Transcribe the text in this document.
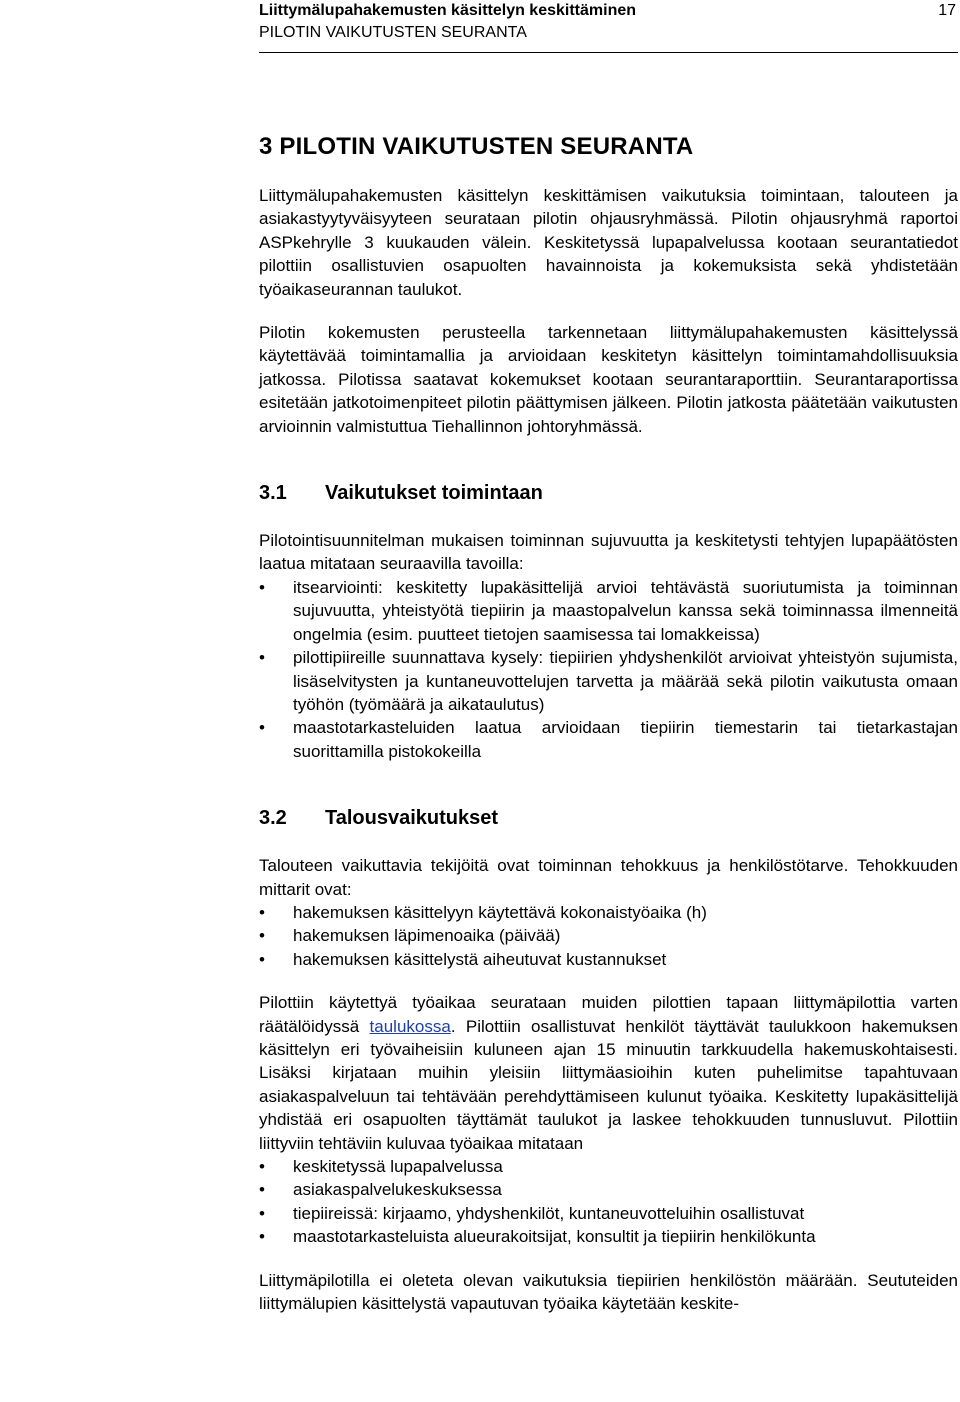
Liittymälupahakemusten käsittelyn keskittäminen
PILOTIN VAIKUTUSTEN SEURANTA
17
3 PILOTIN VAIKUTUSTEN SEURANTA

Liittymälupahakemusten käsittelyn keskittämisen vaikutuksia toimintaan, talouteen ja asiakastyytyväisyyteen seurataan pilotin ohjausryhmässä. Pilotin ohjausryhmä raportoi ASPkehrylle 3 kuukauden välein. Keskitetyssä lupapalvelussa kootaan seurantatiedot pilottiin osallistuvien osapuolten havainnoista ja kokemuksista sekä yhdistetään työaikaseurannan taulukot.

Pilotin kokemusten perusteella tarkennetaan liittymälupahakemusten käsittelyssä käytettävää toimintamallia ja arvioidaan keskitetyn käsittelyn toimintamahdollisuuksia jatkossa. Pilotissa saatavat kokemukset kootaan seurantaraporttiin. Seurantaraportissa esitetään jatkotoimenpiteet pilotin päättymisen jälkeen. Pilotin jatkosta päätetään vaikutusten arvioinnin valmistuttua Tiehallinnon johtoryhmässä.

3.1 Vaikutukset toimintaan

Pilotointisuunnitelman mukaisen toiminnan sujuvuutta ja keskitetysti tehtyjen lupapäätösten laatua mitataan seuraavilla tavoilla:

• itsearviointi: keskitetty lupakäsittelijä arvioi tehtävästä suoriutumista ja toiminnan sujuvuutta, yhteistyötä tiepiirin ja maastopalvelun kanssa sekä toiminnassa ilmenneitä ongelmia (esim. puutteet tietojen saamisessa tai lomakkeissa)
• pilottipiireille suunnattava kysely: tiepiirien yhdyshenkilöt arvioivat yhteistyön sujumista, lisäselvitysten ja kuntaneuvottelujen tarvetta ja määrää sekä pilotin vaikutusta omaan työhön (työmäärä ja aikataulutus)
• maastotarkasteluiden laatua arvioidaan tiepiirin tiemestarin tai tietarkastajan suorittamilla pistokokeilla
3.2 Talousvaikutukset

Talouteen vaikuttavia tekijöitä ovat toiminnan tehokkuus ja henkilöstötarve. Tehokkuuden mittarit ovat:

• hakemuksen käsittelyyn käytettävä kokonaistyöaika (h)
• hakemuksen läpimenoaika (päivää)
• hakemuksen käsittelystä aiheutuvat kustannukset

Pilottiin käytettyä työaikaa seurataan muiden pilottien tapaan liittymäpilottia varten räätälöidyssä taulukossa. Pilottiin osallistuvat henkilöt täyttävät taulukkoon hakemuksen käsittelyn eri työvaiheisiin kuluneen ajan 15 minuutin tarkkuudella hakemuskohtaisesti. Lisäksi kirjataan muihin yleisiin liittymäasioihin kuten puhelimitse tapahtuvaan asiakaspalveluun tai tehtävään perehdyttämiseen kulunut työaika. Keskitetty lupakäsittelijä yhdistää eri osapuolten täyttämät taulukot ja laskee tehokkuuden tunnusluvut. Pilottiin liittyviin tehtäviin kuluvaa työaikaa mitataan

• keskitetyssä lupapalvelussa
• asiakaspalvelukeskuksessa
• tiepiireissä: kirjaamo, yhdyshenkilöt, kuntaneuvotteluihin osallistuvat
• maastotarkasteluista alueurakoitsijat, konsultit ja tiepiirin henkilökunta

Liittymäpilotilla ei oleteta olevan vaikutuksia tiepiirien henkilöstön määrään. Seututeiden liittymälupien käsittelystä vapautuvan työaika käytetään keskite-
